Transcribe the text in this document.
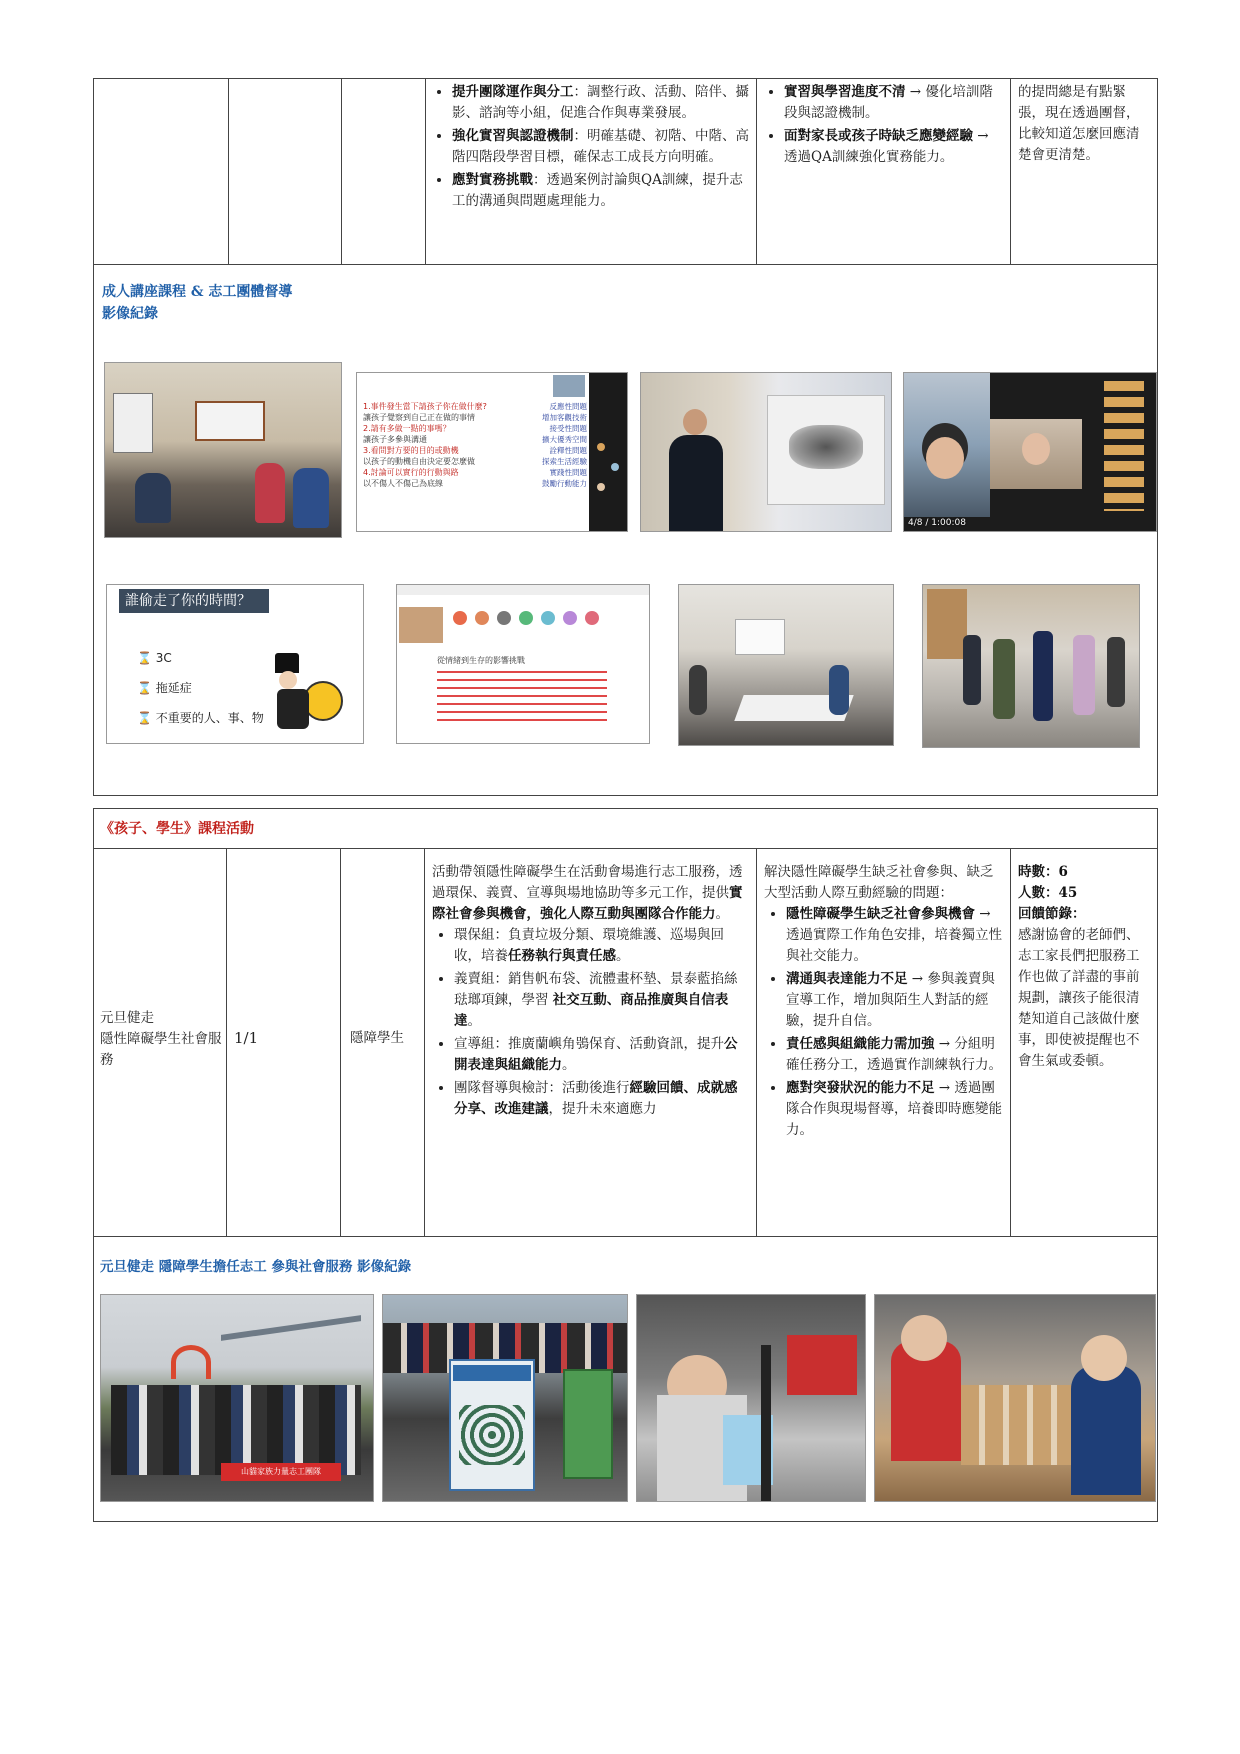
• 提升團隊運作與分工：調整行政、活動、陪伴、攝影、諮詢等小組，促進合作與專業發展。
• 強化實習與認證機制：明確基礎、初階、中階、高階四階段學習目標，確保志工成長方向明確。
• 應對實務挑戰：透過案例討論與QA訓練，提升志工的溝通與問題處理能力。
• 實習與學習進度不清 → 優化培訓階段與認證機制。
• 面對家長或孩子時缺乏應變經驗 → 透過QA訓練強化實務能力。
的提問總是有點緊張，現在透過團督，比較知道怎麼回應清楚會更清楚。
成人講座課程 & 志工團體督導
影像紀錄
1.事件發生當下請孩子你在做什麼?
讓孩子覺察到自己正在做的事情
2.請有多做一點的事嗎？
讓孩子多參與溝通
3.看問對方要的目的或動機
以孩子的動機自由決定要怎麼做
4.討論可以實行的行動與路
以不傷人不傷己為底線
反應性問題
增加客觀技術
接受性問題
擴大優秀空間
詮釋性問題
探索生活經驗
實踐性問題
鼓勵行動能力
4/8 / 1:00:08
誰偷走了你的時間？
⌛ 3C
⌛ 拖延症
⌛ 不重要的人、事、物
從情緒到生存的影響挑戰
《孩子、學生》課程活動
元旦健走
隱性障礙學生社會服務
1/1	隱障學生
活動帶領隱性障礙學生在活動會場進行志工服務，透過環保、義賣、宣導與場地協助等多元工作，提供實際社會參與機會，強化人際互動與團隊合作能力。
• 環保組：負責垃圾分類、環境維護、巡場與回收，培養任務執行與責任感。
• 義賣組：銷售帆布袋、流體畫杯墊、景泰藍掐絲琺瑯項鍊，學習 社交互動、商品推廣與自信表達。
• 宣導組：推廣蘭嶼角鴞保育、活動資訊，提升公開表達與組織能力。
• 團隊督導與檢討：活動後進行經驗回饋、成就感分享、改進建議，提升未來適應力
解決隱性障礙學生缺乏社會參與、缺乏大型活動人際互動經驗的問題：
• 隱性障礙學生缺乏社會參與機會 → 透過實際工作角色安排，培養獨立性與社交能力。
• 溝通與表達能力不足 → 參與義賣與宣導工作，增加與陌生人對話的經驗，提升自信。
• 責任感與組織能力需加強 → 分組明確任務分工，透過實作訓練執行力。
• 應對突發狀況的能力不足 → 透過團隊合作與現場督導，培養即時應變能力。
時數：6
人數：45
回饋節錄：
感謝協會的老師們、志工家長們把服務工作也做了詳盡的事前規劃，讓孩子能很清楚知道自己該做什麼事，即使被提醒也不會生氣或委頓。
元旦健走 隱障學生擔任志工 參與社會服務 影像紀錄
山貓家族力量志工團隊
